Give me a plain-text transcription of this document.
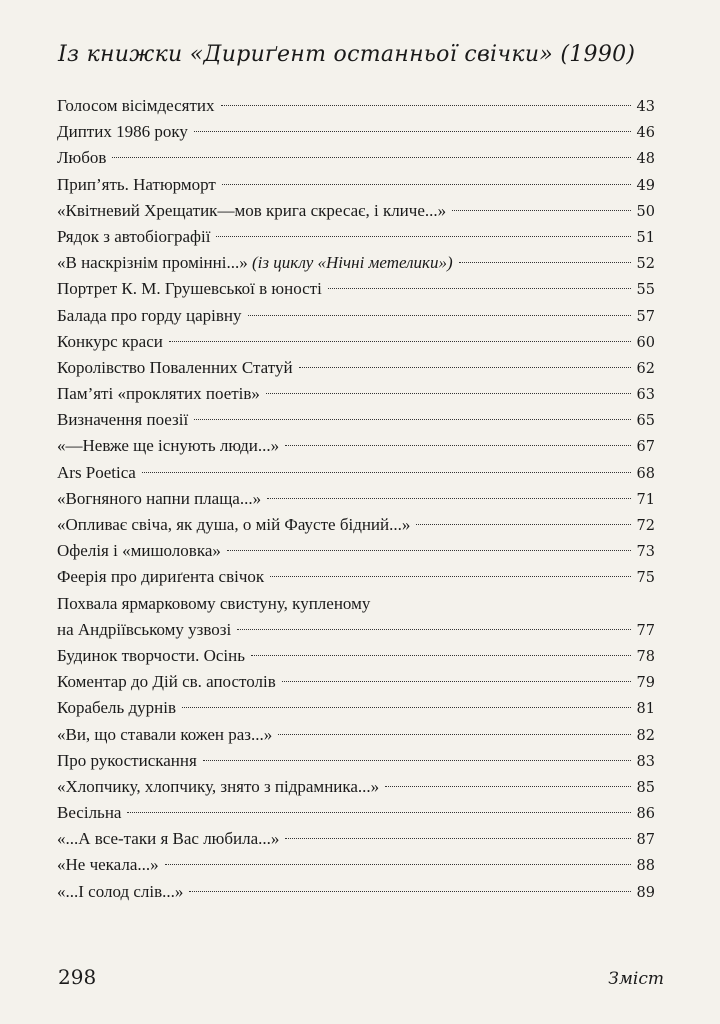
Із книжки «Дириґент останньої свічки» (1990)
Голосом вісімдесятих	43
Диптих 1986 року	46
Любов	48
Прип’ять. Натюрморт	49
«Квітневий Хрещатик—мов крига скресає, і кличе...»	50
Рядок з автобіографії	51
«В наскрізнім промінні...» (із циклу «Нічні метелики»)	52
Портрет К. М. Грушевської в юності	55
Балада про горду царівну	57
Конкурс краси	60
Королівство Поваленних Статуй	62
Пам’яті «проклятих поетів»	63
Визначення поезії	65
«—Невже ще існують люди...»	67
Ars Poetica	68
«Вогняного напни плаща...»	71
«Опливає свіча, як душа, о мій Фаусте бідний...»	72
Офелія і «мишоловка»	73
Феерія про дириґента свічок	75
Похвала ярмарковому свистуну, купленому
на Андріївському узвозі	77
Будинок творчости. Осінь	78
Коментар до Дій св. апостолів	79
Корабель дурнів	81
«Ви, що ставали кожен раз...»	82
Про рукостискання	83
«Хлопчику, хлопчику, знято з підрамника...»	85
Весільна	86
«...А все-таки я Вас любила...»	87
«Не чекала...»	88
«...І солод слів...»	89
298	Зміст
